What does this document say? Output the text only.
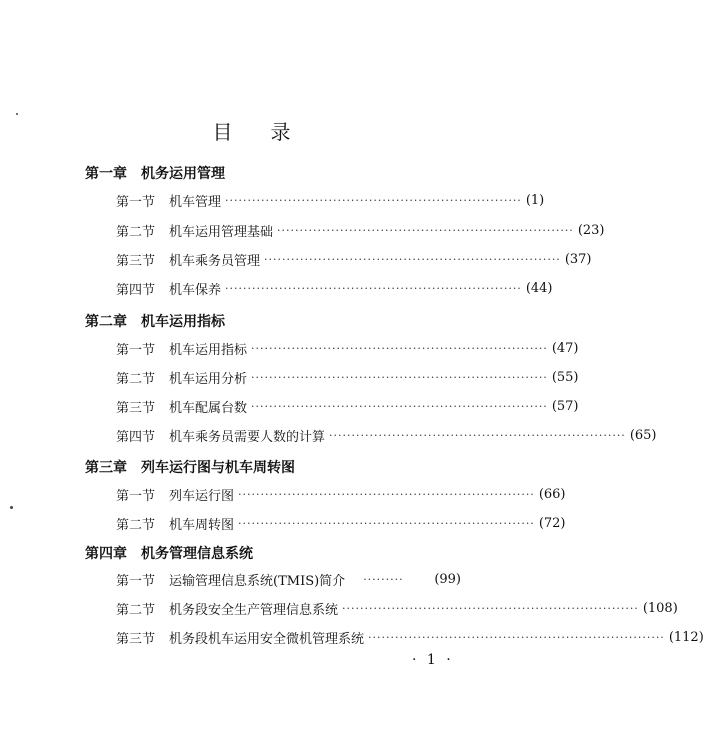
目 录
第一章 机务运用管理
第一节 机车管理 ·································································· (1)
第二节 机车运用管理基础 ·································································· (23)
第三节 机车乘务员管理 ·································································· (37)
第四节 机车保养 ·································································· (44)
第二章 机车运用指标
第一节 机车运用指标 ·································································· (47)
第二节 机车运用分析 ·································································· (55)
第三节 机车配属台数 ·································································· (57)
第四节 机车乘务员需要人数的计算 ·································································· (65)
第三章 列车运行图与机车周转图
第一节 列车运行图 ·································································· (66)
第二节 机车周转图 ·································································· (72)
第四章 机务管理信息系统
第一节 运输管理信息系统(TMIS)简介 ········· (99)
第二节 机务段安全生产管理信息系统 ·································································· (108)
第三节 机务段机车运用安全微机管理系统 ·································································· (112)
· 1 ·
